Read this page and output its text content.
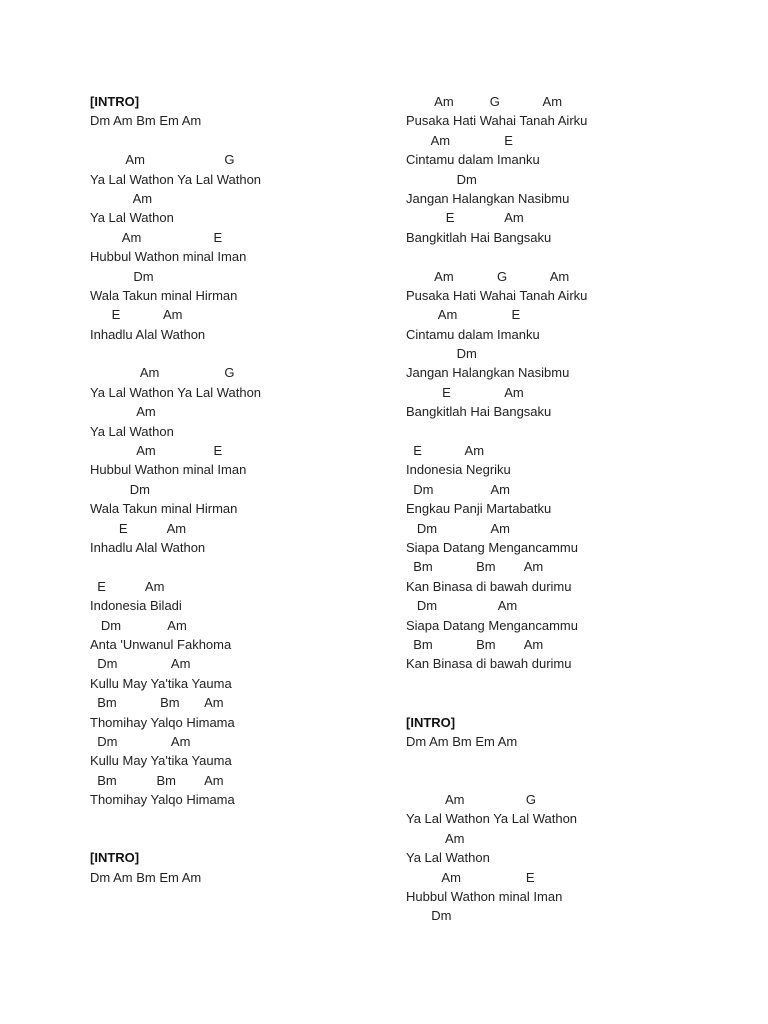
[INTRO]
Dm Am Bm Em Am
Am                      G
Ya Lal Wathon Ya Lal Wathon
Am
Ya Lal Wathon
Am                    E
Hubbul Wathon minal Iman
Dm
Wala Takun minal Hirman
E            Am
Inhadlu Alal Wathon
Am                  G
Ya Lal Wathon Ya Lal Wathon
Am
Ya Lal Wathon
Am                E
Hubbul Wathon minal Iman
Dm
Wala Takun minal Hirman
E           Am
Inhadlu Alal Wathon
E           Am
Indonesia Biladi
Dm             Am
Anta 'Unwanul Fakhoma
Dm               Am
Kullu May Ya'tika Yauma
Bm            Bm       Am
Thomihay Yalqo Himama
Dm               Am
Kullu May Ya'tika Yauma
Bm           Bm        Am
Thomihay Yalqo Himama
[INTRO]
Dm Am Bm Em Am
Am          G            Am
Pusaka Hati Wahai Tanah Airku
Am               E
Cintamu dalam Imanku
Dm
Jangan Halangkan Nasibmu
E              Am
Bangkitlah Hai Bangsaku
Am            G            Am
Pusaka Hati Wahai Tanah Airku
Am               E
Cintamu dalam Imanku
Dm
Jangan Halangkan Nasibmu
E               Am
Bangkitlah Hai Bangsaku
E            Am
Indonesia Negriku
Dm                Am
Engkau Panji Martabatku
Dm               Am
Siapa Datang Mengancammu
Bm            Bm        Am
Kan Binasa di bawah durimu
Dm                 Am
Siapa Datang Mengancammu
Bm            Bm        Am
Kan Binasa di bawah durimu
[INTRO]
Dm Am Bm Em Am
Am                 G
Ya Lal Wathon Ya Lal Wathon
Am
Ya Lal Wathon
Am                  E
Hubbul Wathon minal Iman
Dm
